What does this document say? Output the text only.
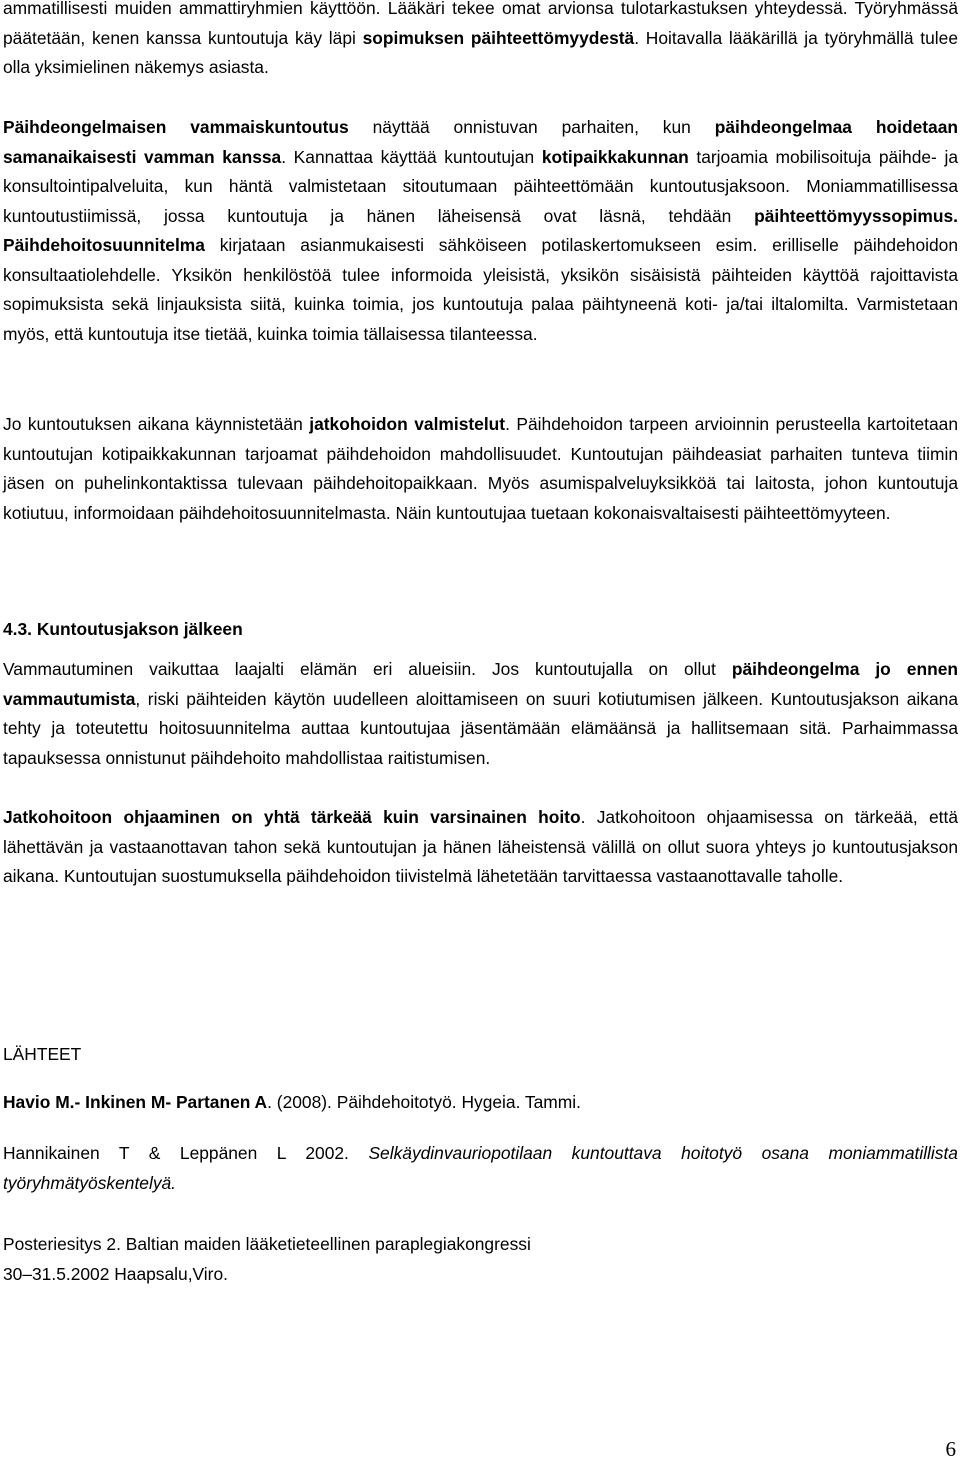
ammatillisesti muiden ammattiryhmien käyttöön. Lääkäri tekee omat arvionsa tulotarkastuksen yhteydessä. Työryhmässä päätetään, kenen kanssa kuntoutuja käy läpi sopimuksen päihteettömyydestä. Hoitavalla lääkärillä ja työryhmällä tulee olla yksimielinen näkemys asiasta.

Päihdeongelmaisen vammaiskuntoutus näyttää onnistuvan parhaiten, kun päihdeongelmaa hoidetaan samanaikaisesti vamman kanssa. Kannattaa käyttää kuntoutujan kotipaikkakunnan tarjoamia mobilisoituja päihde- ja konsultointipalveluita, kun häntä valmistetaan sitoutumaan päihteettömään kuntoutusjaksoon. Moniammatillisessa kuntoutustiimissä, jossa kuntoutuja ja hänen läheisensä ovat läsnä, tehdään päihteettömyyssopimus. Päihdehoitosuunnitelma kirjataan asianmukaisesti sähköiseen potilaskertomukseen esim. erilliselle päihdehoidon konsultaatiolehdelle. Yksikön henkilöstöä tulee informoida yleisistä, yksikön sisäisistä päihteiden käyttöä rajoittavista sopimuksista sekä linjauksista siitä, kuinka toimia, jos kuntoutuja palaa päihtyneenä koti- ja/tai iltalomilta. Varmistetaan myös, että kuntoutuja itse tietää, kuinka toimia tällaisessa tilanteessa.

Jo kuntoutuksen aikana käynnistetään jatkohoidon valmistelut. Päihdehoidon tarpeen arvioinnin perusteella kartoitetaan kuntoutujan kotipaikkakunnan tarjoamat päihdehoidon mahdollisuudet. Kuntoutujan päihdeasiat parhaiten tunteva tiimin jäsen on puhelinkontaktissa tulevaan päihdehoitopaikkaan. Myös asumispalveluyksikköä tai laitosta, johon kuntoutuja kotiutuu, informoidaan päihdehoitosuunnitelmasta. Näin kuntoutujaa tuetaan kokonaisvaltaisesti päihteettömyyteen.

4.3. Kuntoutusjakson jälkeen

Vammautuminen vaikuttaa laajalti elämän eri alueisiin. Jos kuntoutujalla on ollut päihdeongelma jo ennen vammautumista, riski päihteiden käytön uudelleen aloittamiseen on suuri kotiutumisen jälkeen. Kuntoutusjakson aikana tehty ja toteutettu hoitosuunnitelma auttaa kuntoutujaa jäsentämään elämäänsä ja hallitsemaan sitä. Parhaimmassa tapauksessa onnistunut päihdehoito mahdollistaa raitistumisen.

Jatkohoitoon ohjaaminen on yhtä tärkeää kuin varsinainen hoito. Jatkohoitoon ohjaamisessa on tärkeää, että lähettävän ja vastaanottavan tahon sekä kuntoutujan ja hänen läheistensä välillä on ollut suora yhteys jo kuntoutusjakson aikana. Kuntoutujan suostumuksella päihdehoidon tiivistelmä lähetetään tarvittaessa vastaanottavalle taholle.

LÄHTEET

Havio M.- Inkinen M- Partanen A. (2008). Päihdehoitotyö. Hygeia. Tammi.

Hannikainen T & Leppänen L 2002. Selkäydinvauriopotilaan kuntouttava hoitotyö osana moniammatillista työryhmätyöskentelyä.

Posteriesitys 2. Baltian maiden lääketieteellinen paraplegiakongressi

30–31.5.2002 Haapsalu,Viro.

6
